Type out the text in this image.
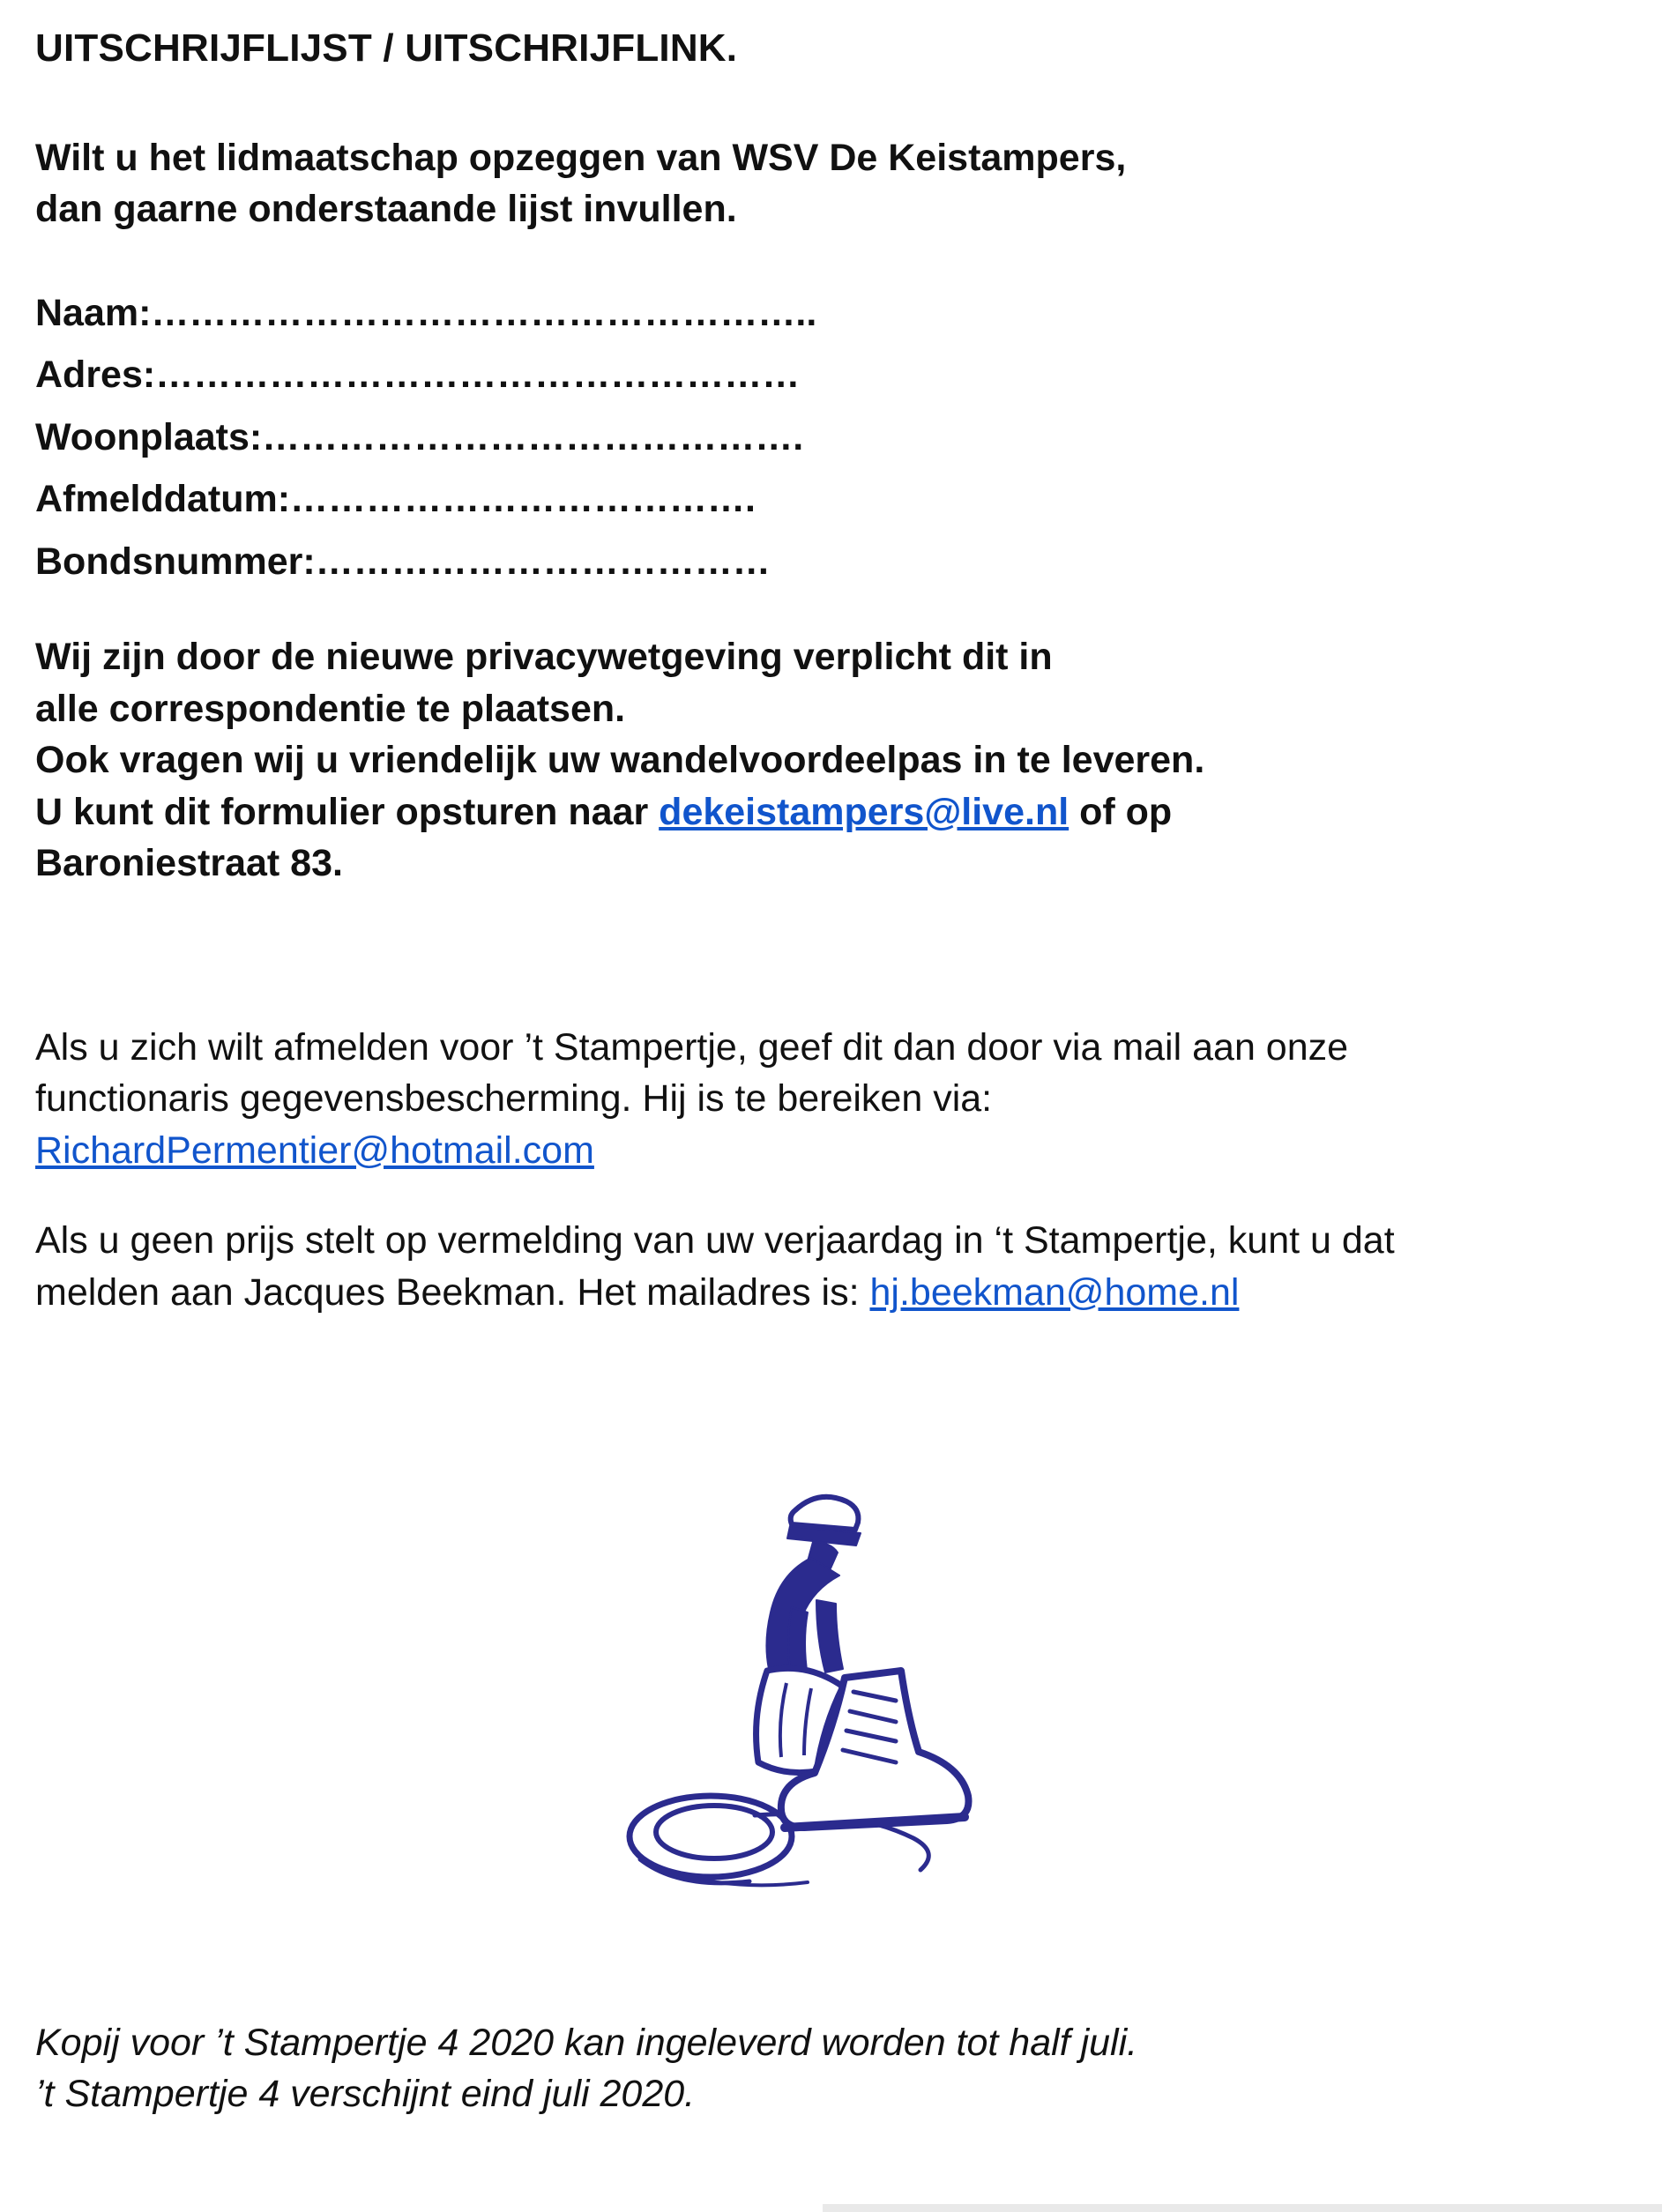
UITSCHRIJFLIJST / UITSCHRIJFLINK.

Wilt u het lidmaatschap opzeggen van WSV De Keistampers,
dan gaarne onderstaande lijst invullen.

Naam:……………………………………………..

Adres:……………………………………………

Woonplaats:…………………………………….

Afmelddatum:……………………………….

Bondsnummer:………………………………

Wij zijn door de nieuwe privacywetgeving verplicht dit in
alle correspondentie te plaatsen.
Ook vragen wij u vriendelijk uw wandelvoordeelpas in te leveren.
U kunt dit formulier opsturen naar dekeistampers@live.nl of op
Baroniestraat 83.

Als u zich wilt afmelden voor ’t Stampertje, geef dit dan door via mail aan onze
functionaris gegevensbescherming. Hij is te bereiken via:
RichardPermentier@hotmail.com

Als u geen prijs stelt op vermelding van uw verjaardag in ‘t Stampertje, kunt u dat
melden aan Jacques Beekman. Het mailadres is: hj.beekman@home.nl

Kopij voor ’t Stampertje 4 2020 kan ingeleverd worden tot half juli.
’t Stampertje 4 verschijnt eind juli 2020.
